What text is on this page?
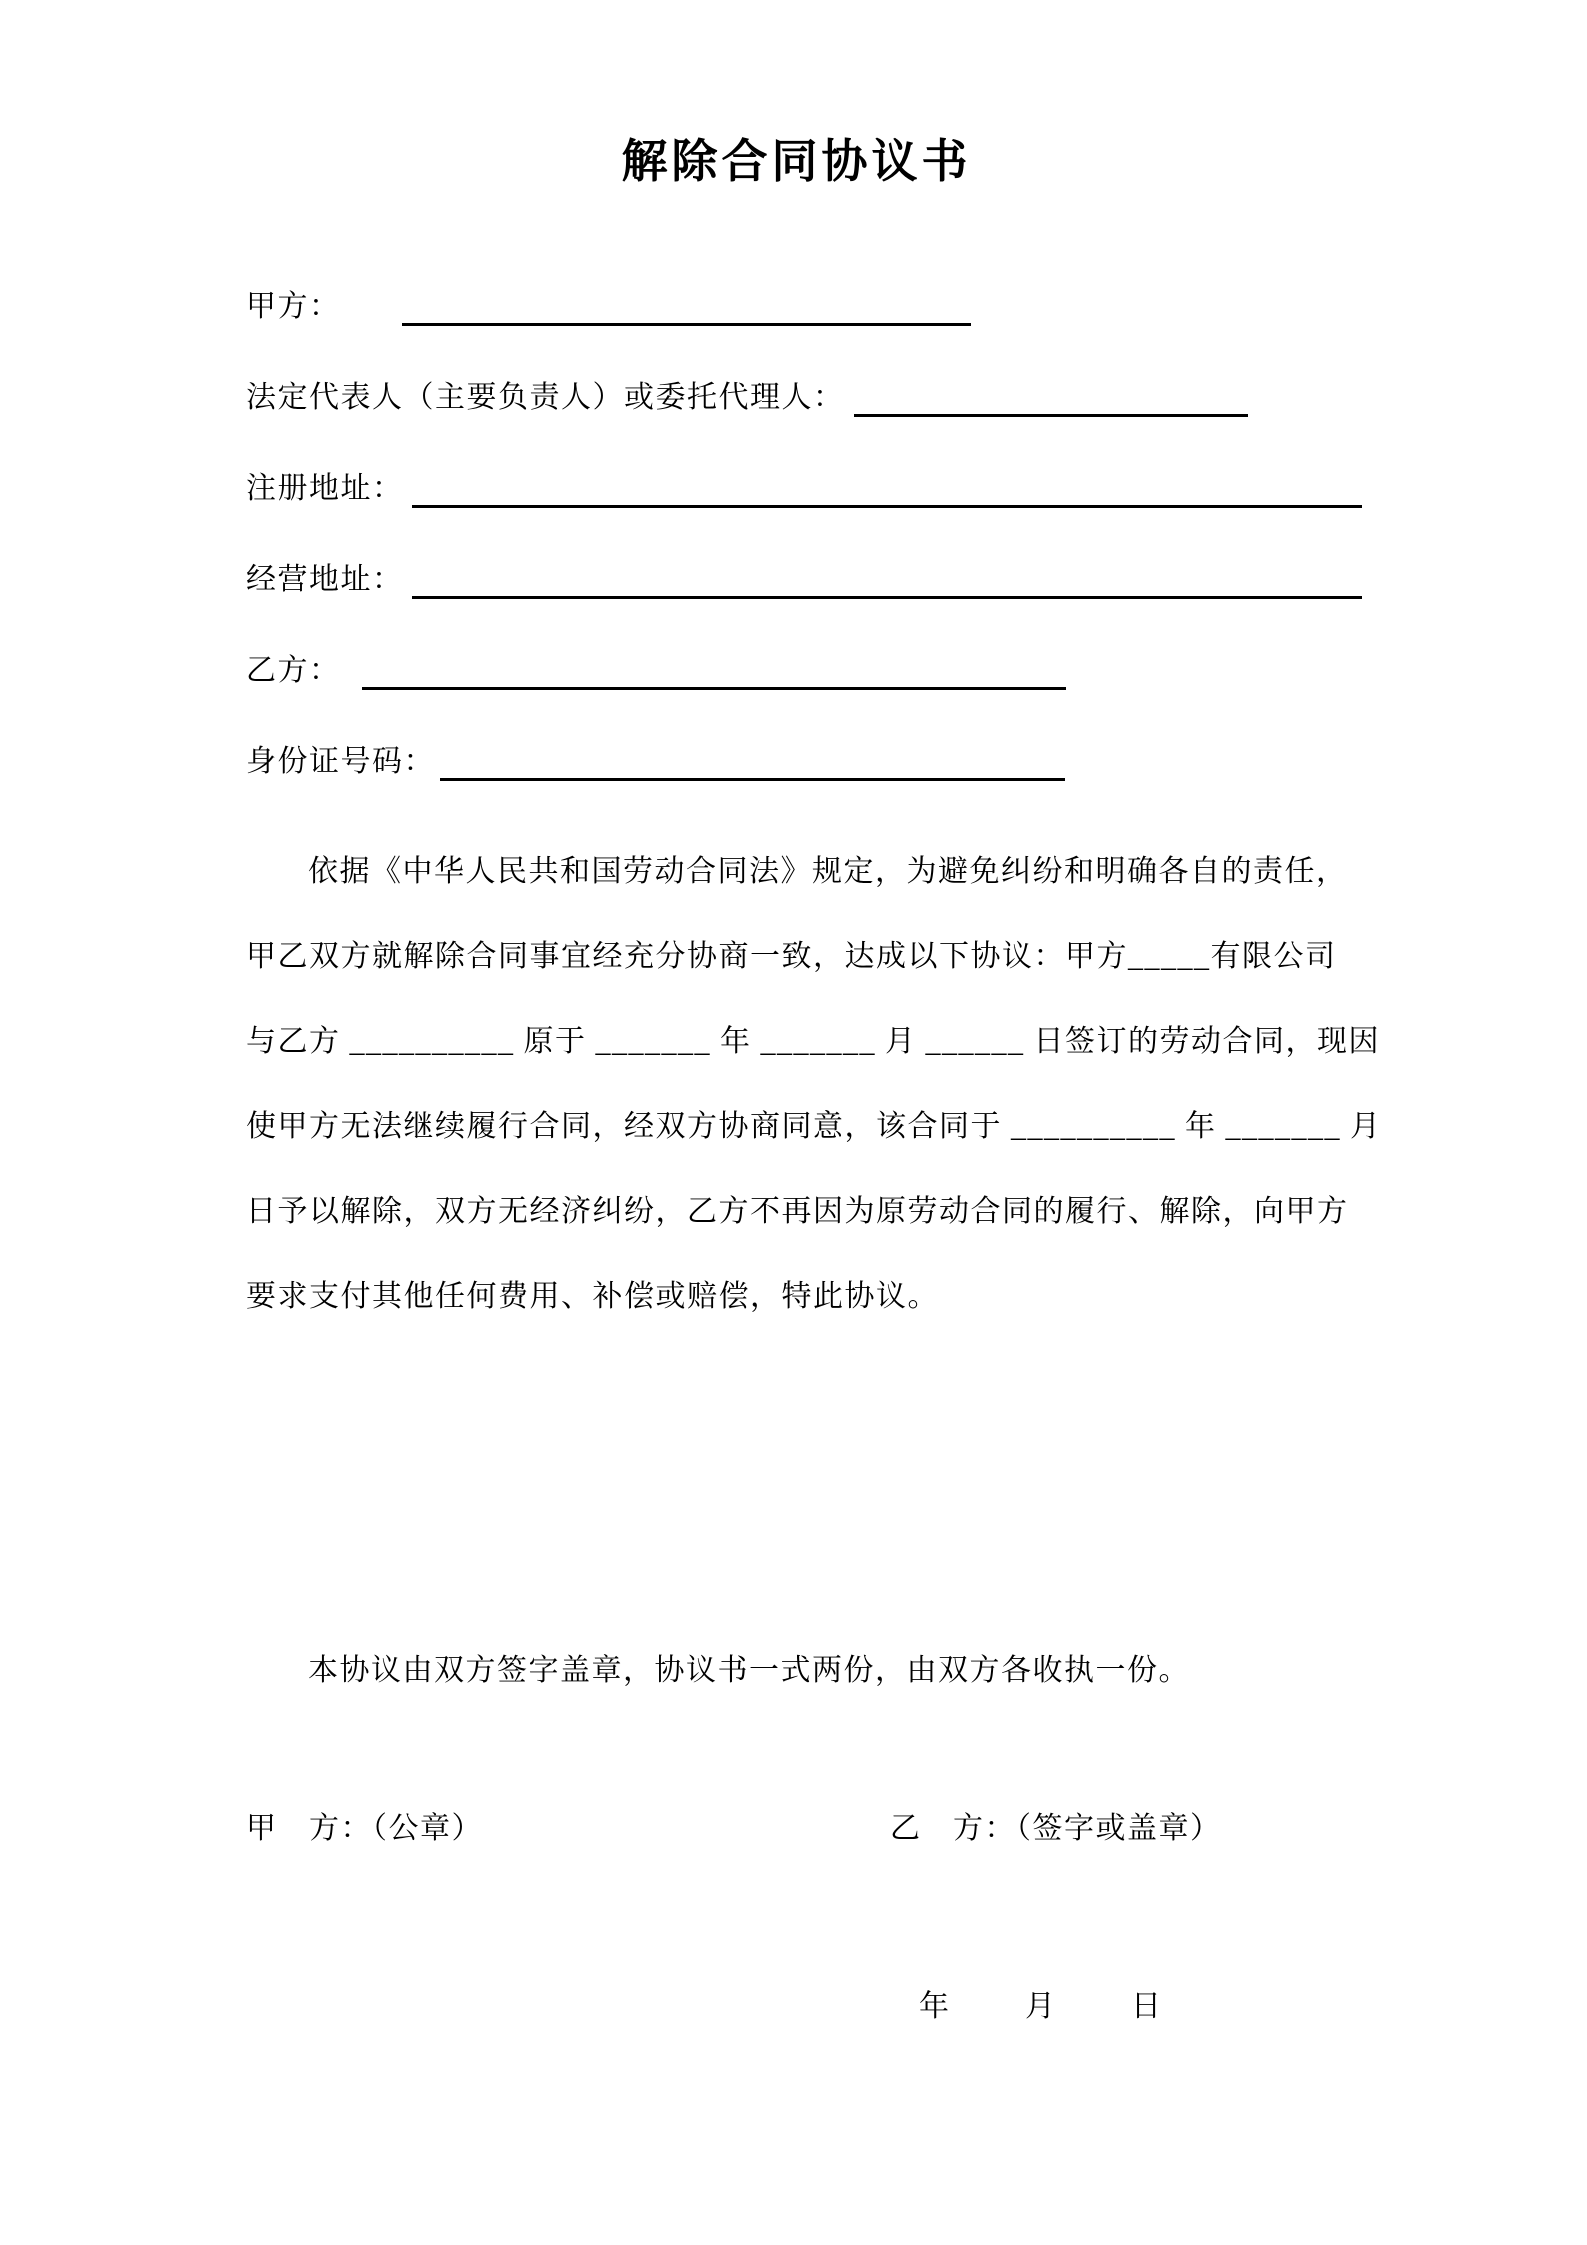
解除合同协议书
甲方：
法定代表人（主要负责人）或委托代理人：
注册地址：
经营地址：
乙方：
身份证号码：

依据《中华人民共和国劳动合同法》规定，为避免纠纷和明确各自的责任，

甲乙双方就解除合同事宜经充分协商一致，达成以下协议：甲方_____有限公司

与乙方 __________ 原于 _______ 年 _______ 月 ______ 日签订的劳动合同，现因

使甲方无法继续履行合同，经双方协商同意，该合同于 __________ 年 _______ 月

日予以解除，双方无经济纠纷，乙方不再因为原劳动合同的履行、解除，向甲方

要求支付其他任何费用、补偿或赔偿，特此协议。

本协议由双方签字盖章，协议书一式两份，由双方各收执一份。

甲　方：（公章）	乙　方：（签字或盖章）
年	月	日
